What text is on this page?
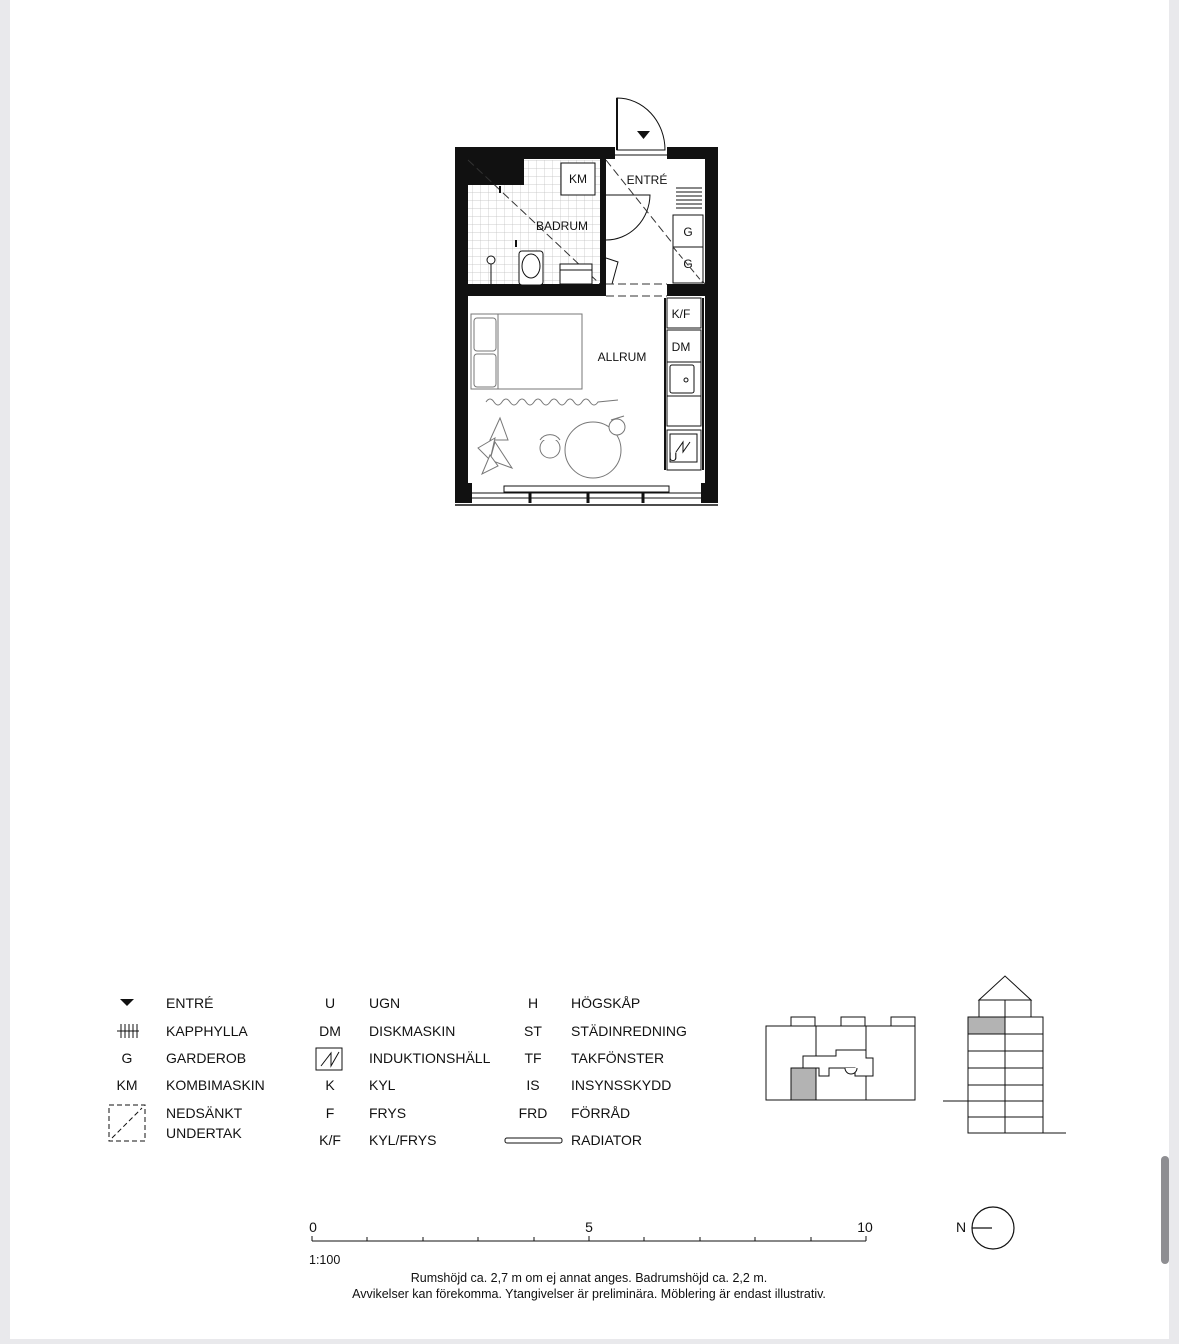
KM
BADRUM
ENTRÉ
G
G
K/F
DM
U
ALLRUM
ENTRÉ
KAPPHYLLA
G GARDEROB
KM KOMBIMASKIN
NEDSÄNKT
UNDERTAK
U UGN
DM DISKMASKIN
INDUKTIONSHÄLL
K KYL
F FRYS
K/F KYL/FRYS
H HÖGSKÅP
ST STÄDINREDNING
TF TAKFÖNSTER
IS INSYNSSKYDD
FRD FÖRRÅD
RADIATOR
0	5	10
1:100
N
Rumshöjd ca. 2,7 m om ej annat anges. Badrumshöjd ca. 2,2 m.
Avvikelser kan förekomma. Ytangivelser är preliminära. Möblering är endast illustrativ.
